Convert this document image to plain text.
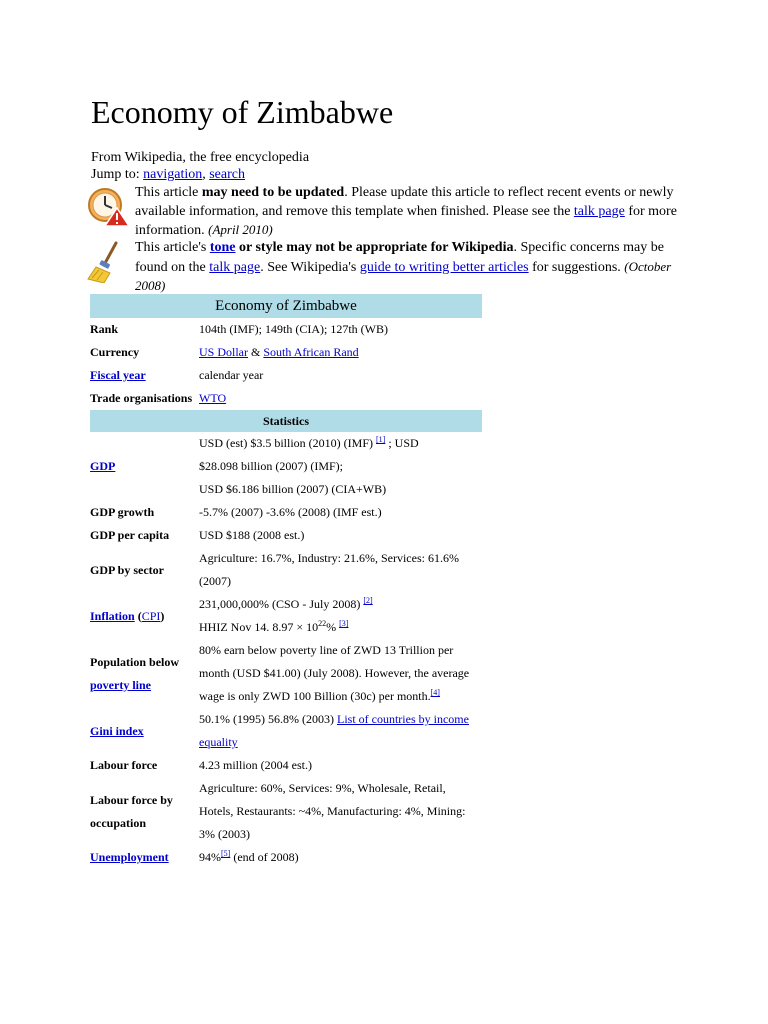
Economy of Zimbabwe
From Wikipedia, the free encyclopedia
Jump to: navigation, search
This article may need to be updated. Please update this article to reflect recent events or newly available information, and remove this template when finished. Please see the talk page for more information. (April 2010)
This article's tone or style may not be appropriate for Wikipedia. Specific concerns may be found on the talk page. See Wikipedia's guide to writing better articles for suggestions. (October 2008)
Economy of Zimbabwe	
Rank	104th (IMF); 149th (CIA); 127th (WB)
Currency	US Dollar & South African Rand
Fiscal year	calendar year
Trade organisations	WTO
Statistics	
GDP	USD (est) $3.5 billion (2010) (IMF) [1] ; USD
$28.098 billion (2007) (IMF);
USD $6.186 billion (2007) (CIA+WB)
GDP growth	-5.7% (2007) -3.6% (2008) (IMF est.)
GDP per capita	USD $188 (2008 est.)
GDP by sector	Agriculture: 16.7%, Industry: 21.6%, Services: 61.6% (2007)
Inflation (CPI)	231,000,000% (CSO - July 2008) [2]
HHIZ Nov 14. $8.97 \times 10^{22}\%$ [3]
Population below poverty line	80% earn below poverty line of ZWD 13 Trillion per month (USD $41.00) (July 2008). However, the average wage is only ZWD 100 Billion (30c) per month.[4]
Gini index	50.1% (1995) 56.8% (2003) List of countries by income equality
Labour force	4.23 million (2004 est.)
Labour force by occupation	Agriculture: 60%, Services: 9%, Wholesale, Retail, Hotels, Restaurants: ~4%, Manufacturing: 4%, Mining: 3% (2003)
Unemployment	94%[5] (end of 2008)
